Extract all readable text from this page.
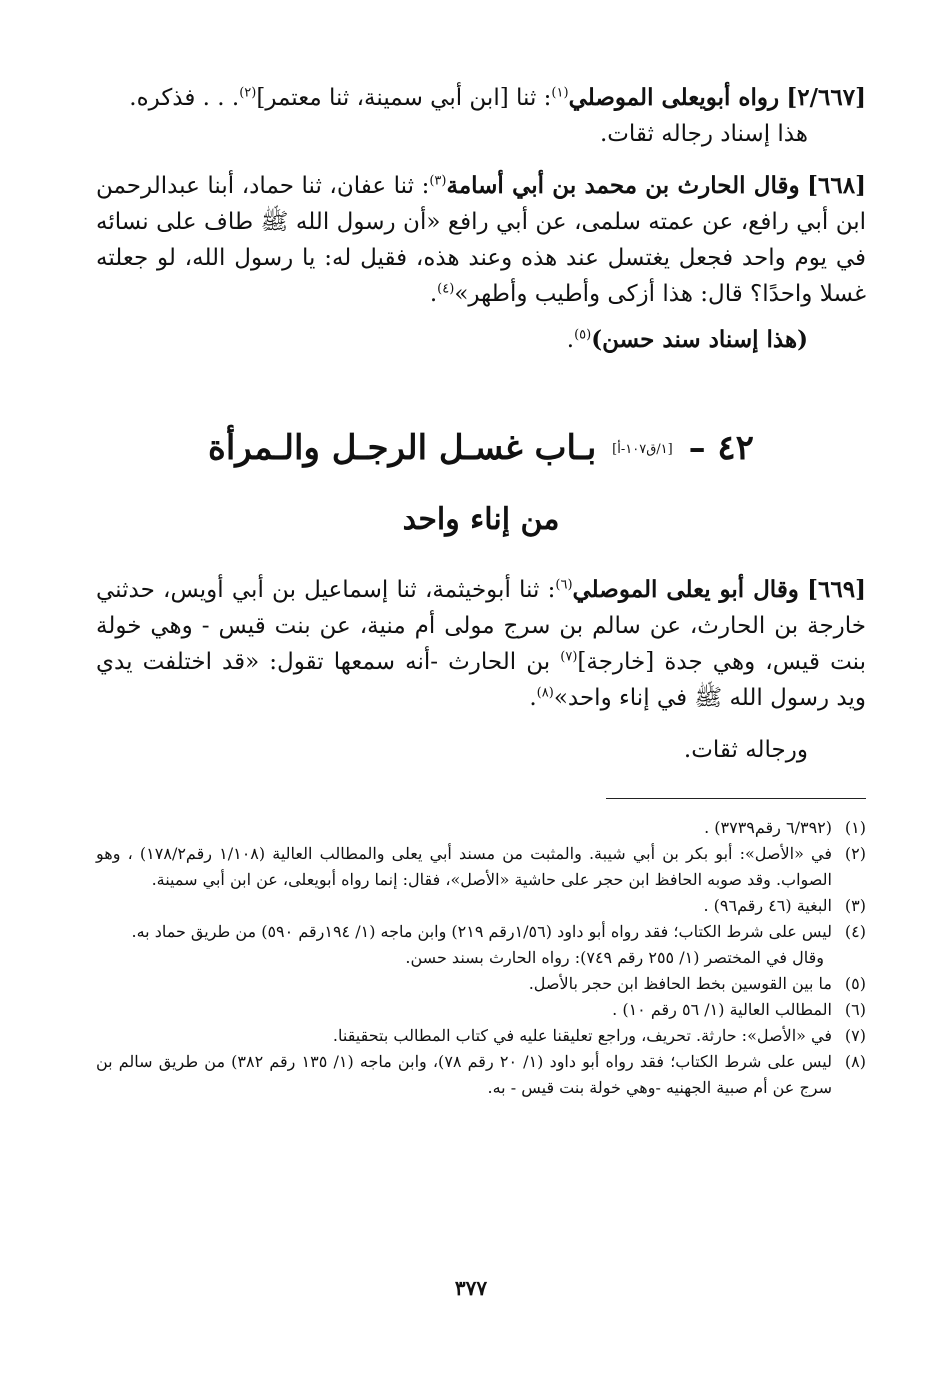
[٢/٦٦٧] رواه أبويعلى الموصلي$^{(١)}$: ثنا [ابن أبي سمينة، ثنا معتمر]$^{(٢)}$. . . فذكره.

هذا إسناد رجاله ثقات.

[٦٦٨] وقال الحارث بن محمد بن أبي أسامة$^{(٣)}$: ثنا عفان، ثنا حماد، أبنا عبدالرحمن ابن أبي رافع، عن عمته سلمى، عن أبي رافع «أن رسول الله ﷺ طاف على نسائه في يوم واحد فجعل يغتسل عند هذه وعند هذه، فقيل له: يا رسول الله، لو جعلته غسلا واحدًا؟ قال: هذا أزكى وأطيب وأطهر»$^{(٤)}$.

(هذا إسناد سند حسن)$^{(٥)}$.

٤٢ – [١/ق١٠٧-أ] بـاب غسـل الرجـل والـمرأة
من إناء واحد

[٦٦٩] وقال أبو يعلى الموصلي$^{(٦)}$: ثنا أبوخيثمة، ثنا إسماعيل بن أبي أويس، حدثني خارجة بن الحارث، عن سالم بن سرج مولى أم منية، عن بنت قيس - وهي خولة بنت قيس، وهي جدة [خارجة]$^{(٧)}$ بن الحارث -أنه سمعها تقول: «قد اختلفت يدي ويد رسول الله ﷺ في إناء واحد»$^{(٨)}$.

ورجاله ثقات.

(١)
(٦/٣٩٢ رقم٣٧٣٩) .
(٢)
في «الأصل»: أبو بكر بن أبي شيبة. والمثبت من مسند أبي يعلى والمطالب العالية (١/١٠٨ رقم١٧٨/٢) ، وهو الصواب. وقد صوبه الحافظ ابن حجر على حاشية «الأصل»، فقال: إنما رواه أبويعلى، عن ابن أبي سمينة.
(٣)
البغية (٤٦ رقم٩٦) .
(٤)
ليس على شرط الكتاب؛ فقد رواه أبو داود (١/٥٦رقم ٢١٩) وابن ماجه (١/ ١٩٤رقم ٥٩٠) من طريق حماد به.
وقال في المختصر (١/ ٢٥٥ رقم ٧٤٩): رواه الحارث بسند حسن.
(٥)
ما بين القوسين بخط الحافظ ابن حجر بالأصل.
(٦)
المطالب العالية (١/ ٥٦ رقم ١٠) .
(٧)
في «الأصل»: حارثة. تحريف، وراجع تعليقنا عليه في كتاب المطالب بتحقيقنا.
(٨)
ليس على شرط الكتاب؛ فقد رواه أبو داود (١/ ٢٠ رقم ٧٨)، وابن ماجه (١/ ١٣٥ رقم ٣٨٢) من طريق سالم بن سرج عن أم صبية الجهنيه -وهي خولة بنت قيس - به.
٣٧٧
